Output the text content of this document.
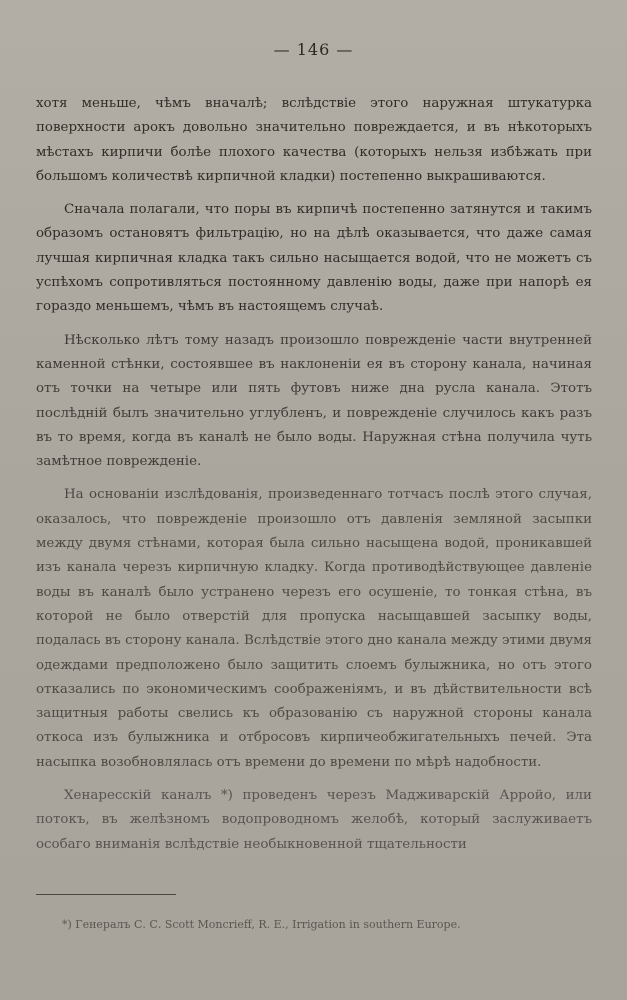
— 146 —

хотя меньше, чѣмъ вначалѣ; вслѣдствіе этого наружная штукатурка поверхности арокъ довольно значительно повреждается, и въ нѣкоторыхъ мѣстахъ кирпичи болѣе плохого качества (которыхъ нельзя избѣжать при большомъ количествѣ кирпичной кладки) постепенно выкрашиваются.

Сначала полагали, что поры въ кирпичѣ постепенно затянутся и такимъ образомъ остановятъ фильтрацію, но на дѣлѣ оказывается, что даже самая лучшая кирпичная кладка такъ сильно насыщается водой, что не можетъ съ успѣхомъ сопротивляться постоянному давленію воды, даже при напорѣ ея гораздо меньшемъ, чѣмъ въ настоящемъ случаѣ.

Нѣсколько лѣтъ тому назадъ произошло поврежденіе части внутренней каменной стѣнки, состоявшее въ наклоненіи ея въ сторону канала, начиная отъ точки на четыре или пять футовъ ниже дна русла канала. Этотъ послѣдній былъ значительно углубленъ, и поврежденіе случилось какъ разъ въ то время, когда въ каналѣ не было воды. Наружная стѣна получила чуть замѣтное поврежденіе.

На основаніи изслѣдованія, произведеннаго тотчасъ послѣ этого случая, оказалось, что поврежденіе произошло отъ давленія земляной засыпки между двумя стѣнами, которая была сильно насыщена водой, проникавшей изъ канала черезъ кирпичную кладку. Когда противодѣйствующее давленіе воды въ каналѣ было устранено черезъ его осушеніе, то тонкая стѣна, въ которой не было отверстій для пропуска насыщавшей засыпку воды, подалась въ сторону канала. Вслѣдствіе этого дно канала между этими двумя одеждами предположено было защитить слоемъ булыжника, но отъ этого отказались по экономическимъ соображеніямъ, и въ дѣйствительности всѣ защитныя работы свелись къ образованію съ наружной стороны канала откоса изъ булыжника и отбросовъ кирпичеобжигательныхъ печей. Эта насыпка возобновлялась отъ времени до времени по мѣрѣ надобности.

Хенаресскій каналъ *) проведенъ черезъ Мадживарскій Арройо, или потокъ, въ желѣзномъ водопроводномъ желобѣ, который заслуживаетъ особаго вниманія вслѣдствіе необыкновенной тщательности

*) Генералъ С. С. Scott Moncrieff, R. E., Irrigation in southern Europe.
